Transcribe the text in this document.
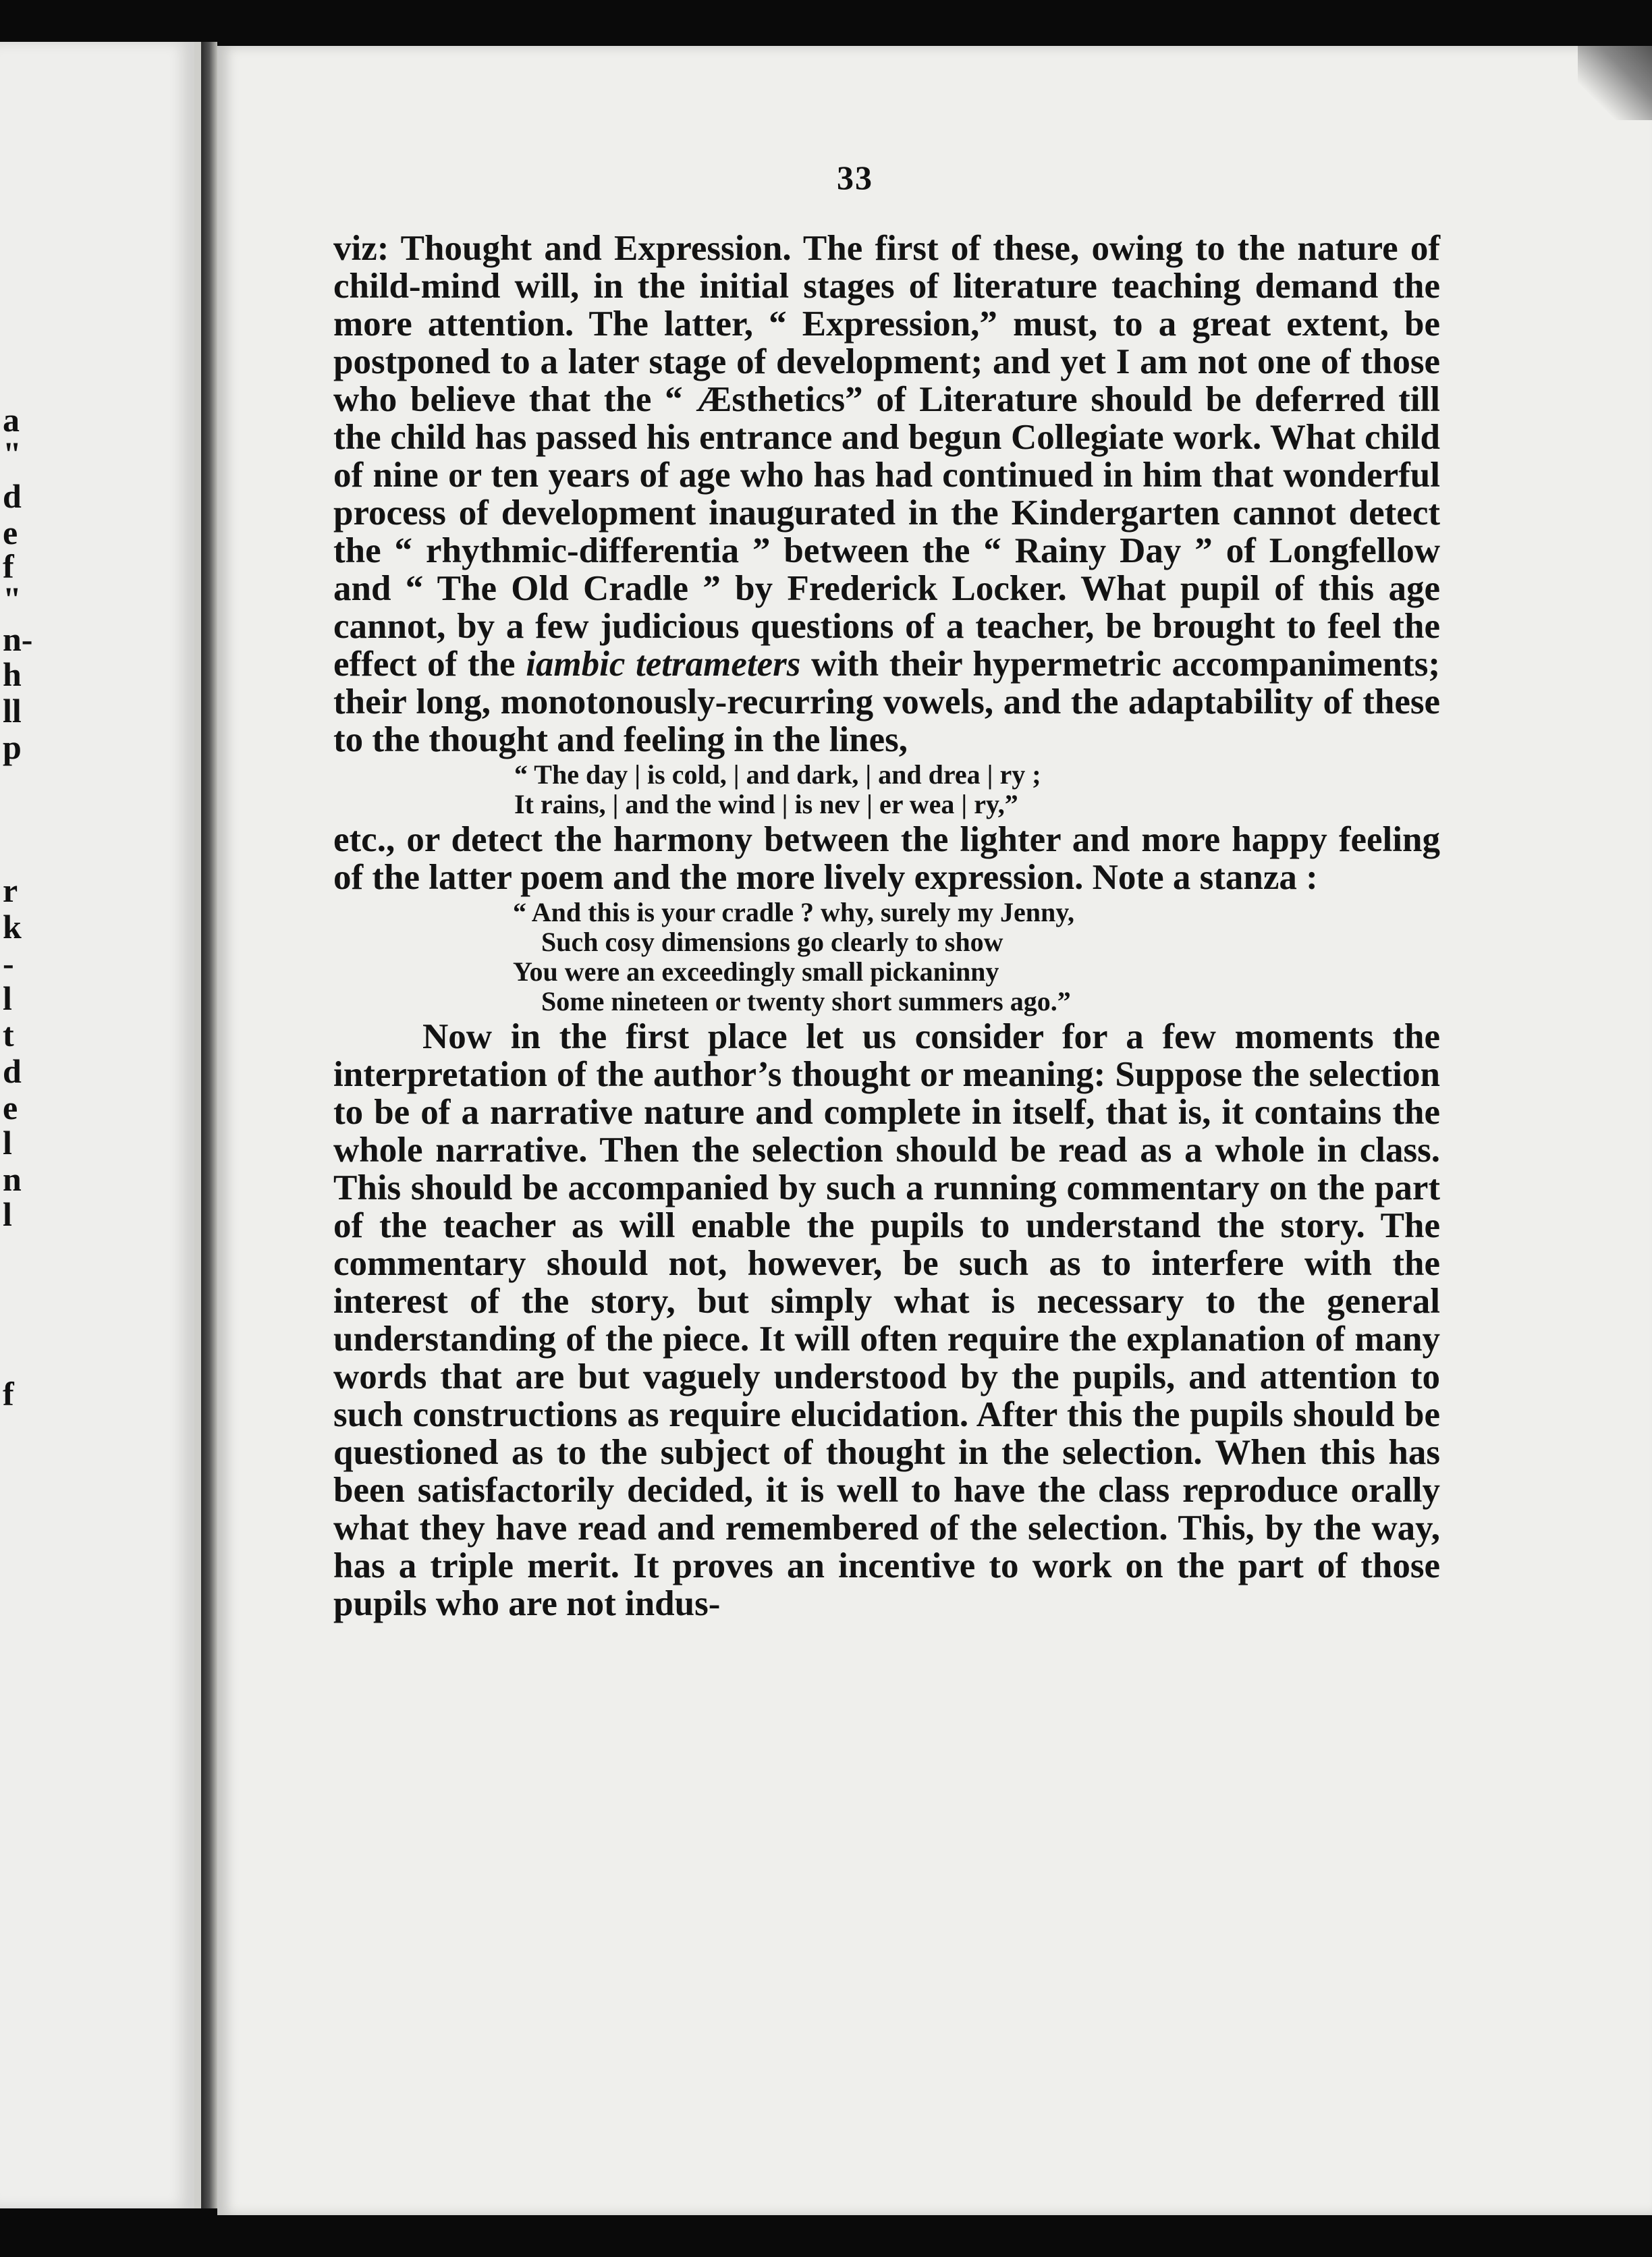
a
"
d
e
f
"
n-
h
ll
p
r
k
-
l
t
d
e
l
n
l
f
33

viz: Thought and Expression. The first of these, owing to the nature of child-mind will, in the initial stages of literature teaching demand the more attention. The latter, “ Expression,” must, to a great extent, be postponed to a later stage of development; and yet I am not one of those who believe that the “ Æsthetics” of Literature should be deferred till the child has passed his entrance and begun Collegiate work. What child of nine or ten years of age who has had continued in him that wonderful process of development inaugurated in the Kindergarten cannot detect the “ rhythmic-differentia ” between the “ Rainy Day ” of Longfellow and “ The Old Cradle ” by Frederick Locker. What pupil of this age cannot, by a few judicious questions of a teacher, be brought to feel the effect of the iambic tetrameters with their hypermetric accompaniments; their long, monotonously-recurring vowels, and the adaptability of these to the thought and feeling in the lines,

“ The day | is cold, | and dark, | and drea | ry ;
It rains, | and the wind | is nev | er wea | ry,”

etc., or detect the harmony between the lighter and more happy feeling of the latter poem and the more lively expression. Note a stanza :

“ And this is your cradle ? why, surely my Jenny,
Such cosy dimensions go clearly to show
You were an exceedingly small pickaninny
Some nineteen or twenty short summers ago.”

Now in the first place let us consider for a few moments the interpretation of the author’s thought or meaning: Suppose the selection to be of a narrative nature and complete in itself, that is, it contains the whole narrative. Then the selection should be read as a whole in class. This should be accompanied by such a running commentary on the part of the teacher as will enable the pupils to understand the story. The commentary should not, however, be such as to interfere with the interest of the story, but simply what is necessary to the general understanding of the piece. It will often require the explanation of many words that are but vaguely understood by the pupils, and attention to such constructions as require elucidation. After this the pupils should be questioned as to the subject of thought in the selection. When this has been satisfactorily decided, it is well to have the class reproduce orally what they have read and remembered of the selection. This, by the way, has a triple merit. It proves an incentive to work on the part of those pupils who are not indus-
